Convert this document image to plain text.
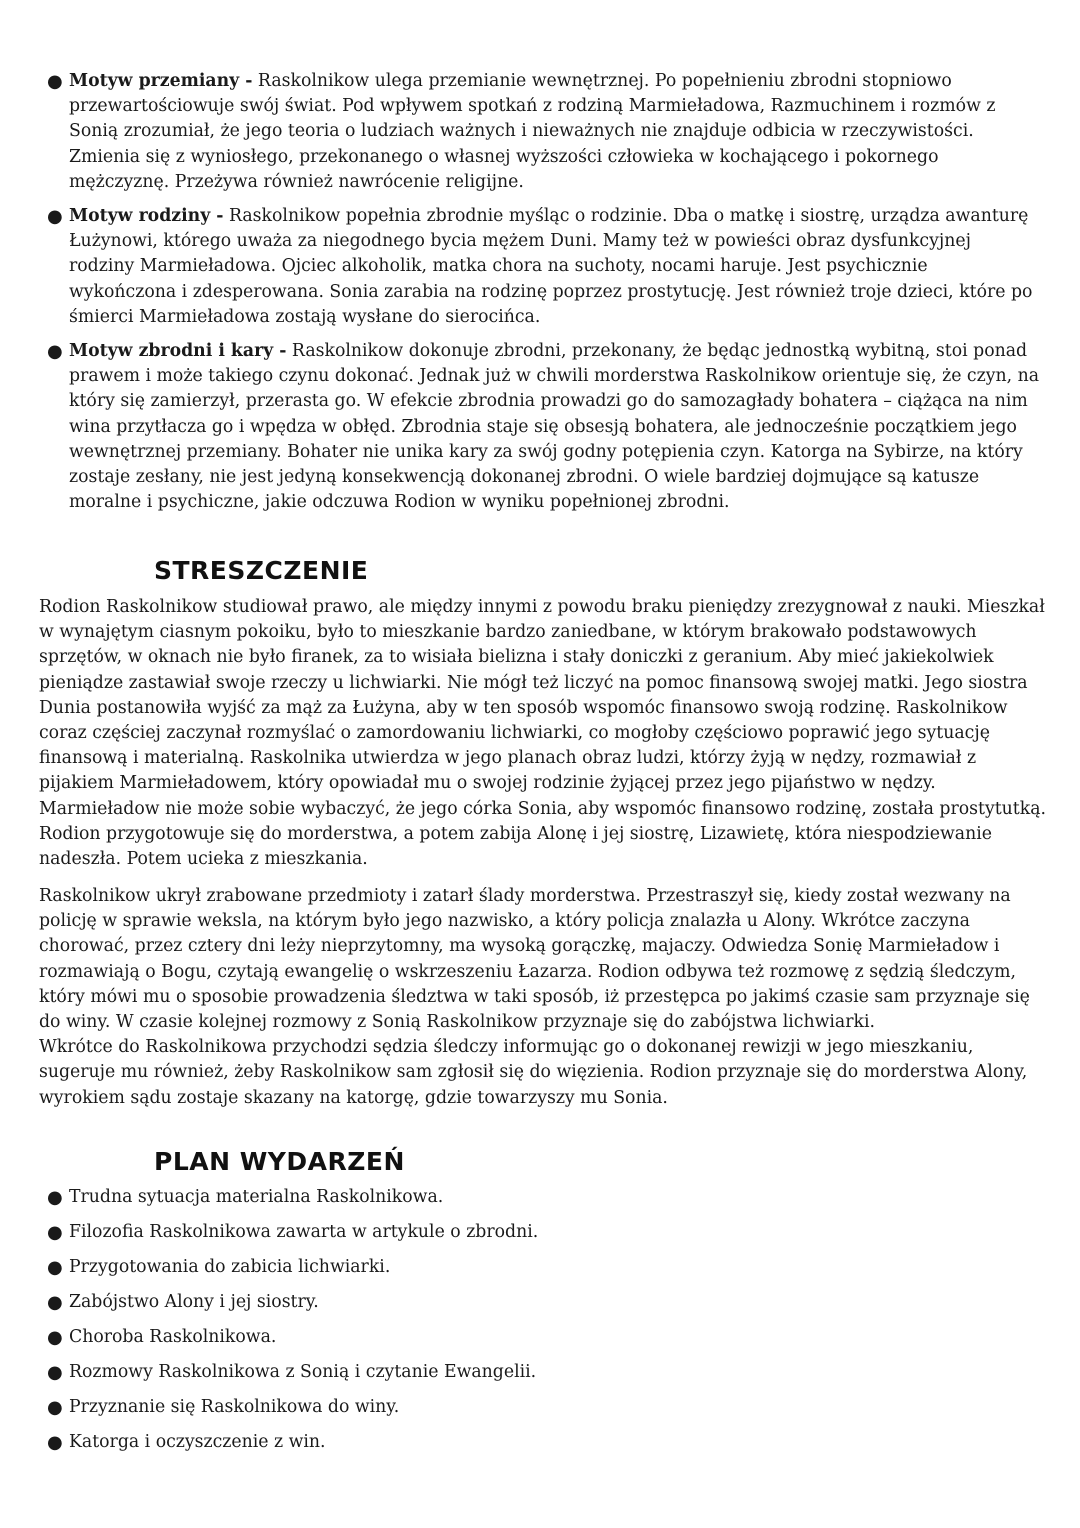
● Motyw przemiany - Raskolnikow ulega przemianie wewnętrznej. Po popełnieniu zbrodni stopniowo przewartościowuje swój świat. Pod wpływem spotkań z rodziną Marmieładowa, Razmuchinem i rozmów z Sonią zrozumiał, że jego teoria o ludziach ważnych i nieważnych nie znajduje odbicia w rzeczywistości. Zmienia się z wyniosłego, przekonanego o własnej wyższości człowieka w kochającego i pokornego mężczyznę. Przeżywa również nawrócenie religijne.
● Motyw rodziny - Raskolnikow popełnia zbrodnie myśląc o rodzinie. Dba o matkę i siostrę, urządza awanturę Łużynowi, którego uważa za niegodnego bycia mężem Duni. Mamy też w powieści obraz dysfunkcyjnej rodziny Marmieładowa. Ojciec alkoholik, matka chora na suchoty, nocami haruje. Jest psychicznie wykończona i zdesperowana. Sonia zarabia na rodzinę poprzez prostytucję. Jest również troje dzieci, które po śmierci Marmieładowa zostają wysłane do sierocińca.
● Motyw zbrodni i kary - Raskolnikow dokonuje zbrodni, przekonany, że będąc jednostką wybitną, stoi ponad prawem i może takiego czynu dokonać. Jednak już w chwili morderstwa Raskolnikow orientuje się, że czyn, na który się zamierzył, przerasta go. W efekcie zbrodnia prowadzi go do samozagłady bohatera – ciążąca na nim wina przytłacza go i wpędza w obłęd. Zbrodnia staje się obsesją bohatera, ale jednocześnie początkiem jego wewnętrznej przemiany. Bohater nie unika kary za swój godny potępienia czyn. Katorga na Sybirze, na który zostaje zesłany, nie jest jedyną konsekwencją dokonanej zbrodni. O wiele bardziej dojmujące są katusze moralne i psychiczne, jakie odczuwa Rodion w wyniku popełnionej zbrodni.
STRESZCZENIE

Rodion Raskolnikow studiował prawo, ale między innymi z powodu braku pieniędzy zrezygnował z nauki. Mieszkał w wynajętym ciasnym pokoiku, było to mieszkanie bardzo zaniedbane, w którym brakowało podstawowych sprzętów, w oknach nie było firanek, za to wisiała bielizna i stały doniczki z geranium. Aby mieć jakiekolwiek pieniądze zastawiał swoje rzeczy u lichwiarki. Nie mógł też liczyć na pomoc finansową swojej matki. Jego siostra Dunia postanowiła wyjść za mąż za Łużyna, aby w ten sposób wspomóc finansowo swoją rodzinę. Raskolnikow coraz częściej zaczynał rozmyślać o zamordowaniu lichwiarki, co mogłoby częściowo poprawić jego sytuację finansową i materialną. Raskolnika utwierdza w jego planach obraz ludzi, którzy żyją w nędzy, rozmawiał z pijakiem Marmieładowem, który opowiadał mu o swojej rodzinie żyjącej przez jego pijaństwo w nędzy. Marmieładow nie może sobie wybaczyć, że jego córka Sonia, aby wspomóc finansowo rodzinę, została prostytutką. Rodion przygotowuje się do morderstwa, a potem zabija Alonę i jej siostrę, Lizawietę, która niespodziewanie nadeszła. Potem ucieka z mieszkania.

Raskolnikow ukrył zrabowane przedmioty i zatarł ślady morderstwa. Przestraszył się, kiedy został wezwany na policję w sprawie weksla, na którym było jego nazwisko, a który policja znalazła u Alony. Wkrótce zaczyna chorować, przez cztery dni leży nieprzytomny, ma wysoką gorączkę, majaczy. Odwiedza Sonię Marmieładow i rozmawiają o Bogu, czytają ewangelię o wskrzeszeniu Łazarza. Rodion odbywa też rozmowę z sędzią śledczym, który mówi mu o sposobie prowadzenia śledztwa w taki sposób, iż przestępca po jakimś czasie sam przyznaje się do winy. W czasie kolejnej rozmowy z Sonią Raskolnikow przyznaje się do zabójstwa lichwiarki.
Wkrótce do Raskolnikowa przychodzi sędzia śledczy informując go o dokonanej rewizji w jego mieszkaniu, sugeruje mu również, żeby Raskolnikow sam zgłosił się do więzienia. Rodion przyznaje się do morderstwa Alony, wyrokiem sądu zostaje skazany na katorgę, gdzie towarzyszy mu Sonia.
PLAN WYDARZEŃ
● Trudna sytuacja materialna Raskolnikowa.
● Filozofia Raskolnikowa zawarta w artykule o zbrodni.
● Przygotowania do zabicia lichwiarki.
● Zabójstwo Alony i jej siostry.
● Choroba Raskolnikowa.
● Rozmowy Raskolnikowa z Sonią i czytanie Ewangelii.
● Przyznanie się Raskolnikowa do winy.
● Katorga i oczyszczenie z win.
